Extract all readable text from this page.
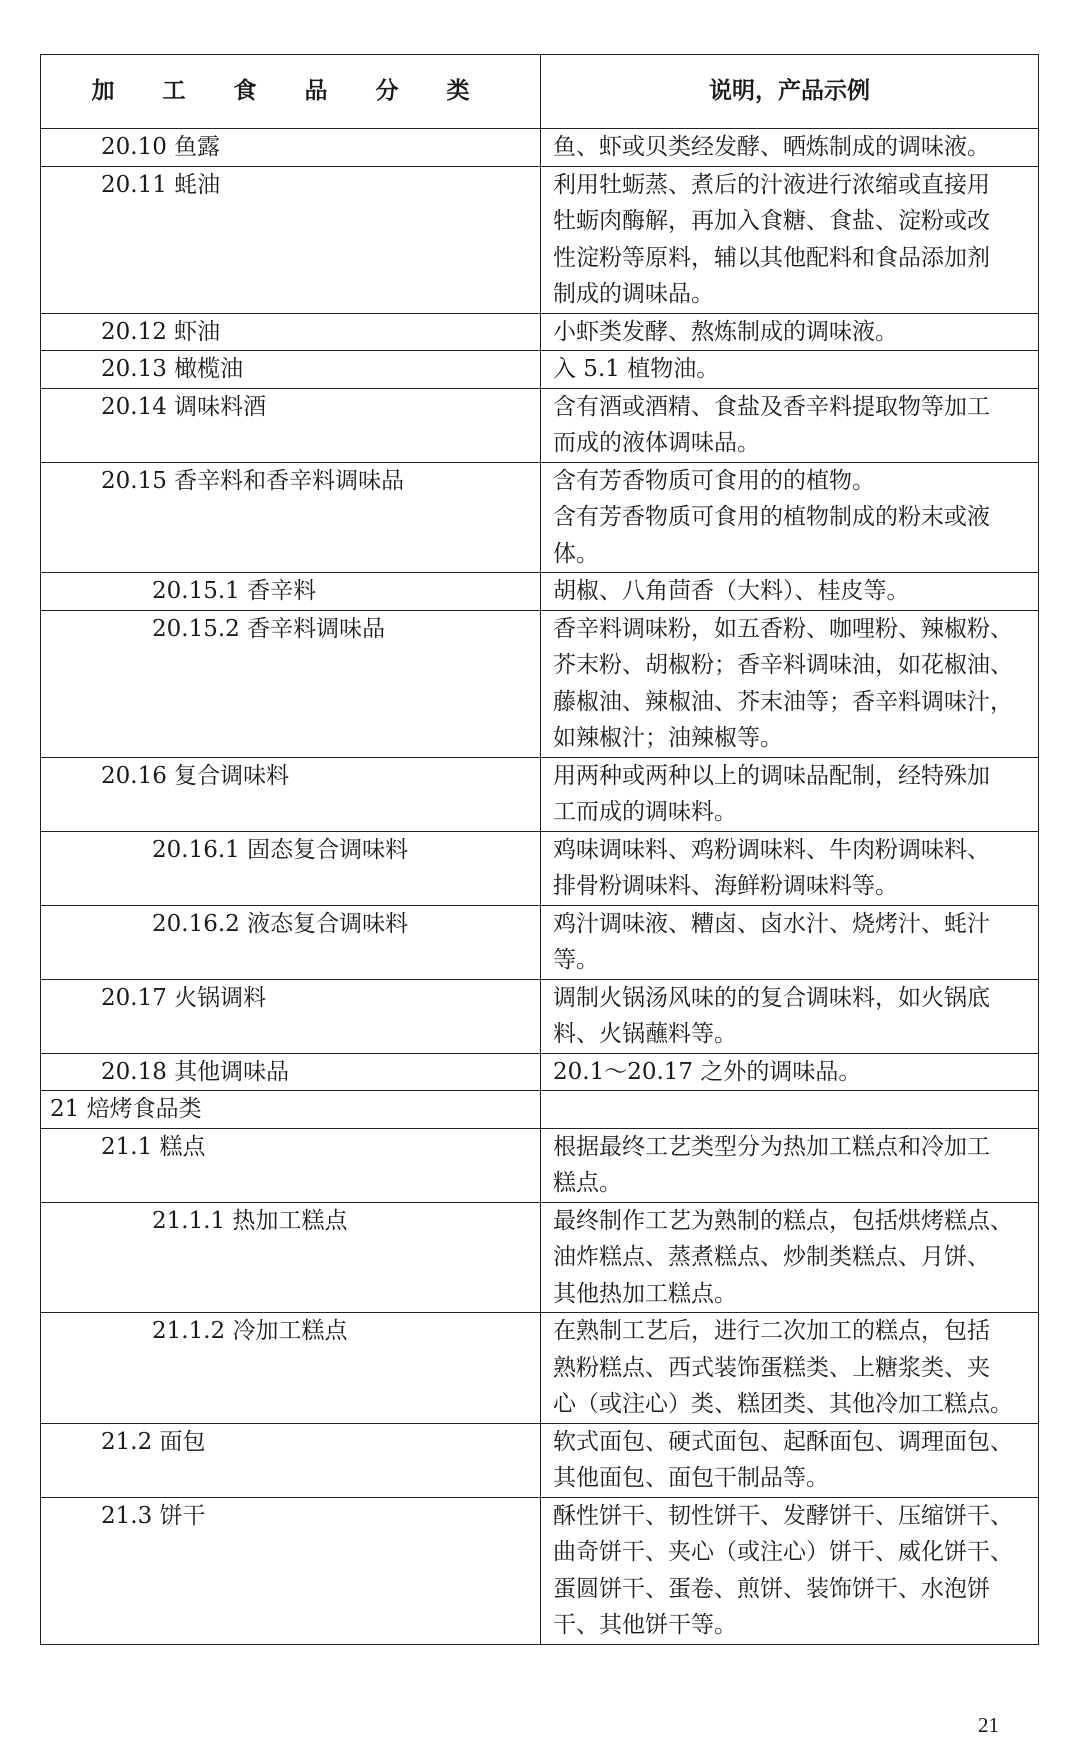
加 工 食 品 分 类	说明，产品示例
20.10 鱼露	鱼、虾或贝类经发酵、晒炼制成的调味液。

20.11 蚝油	利用牡蛎蒸、煮后的汁液进行浓缩或直接用
牡蛎肉酶解，再加入食糖、食盐、淀粉或改
性淀粉等原料，辅以其他配料和食品添加剂
制成的调味品。

20.12 虾油	小虾类发酵、熬炼制成的调味液。

20.13 橄榄油	入 5.1 植物油。

20.14 调味料酒	含有酒或酒精、食盐及香辛料提取物等加工
而成的液体调味品。

20.15 香辛料和香辛料调味品	含有芳香物质可食用的的植物。
含有芳香物质可食用的植物制成的粉末或液
体。

20.15.1 香辛料	胡椒、八角茴香（大料）、桂皮等。

20.15.2 香辛料调味品	香辛料调味粉，如五香粉、咖哩粉、辣椒粉、
芥末粉、胡椒粉；香辛料调味油，如花椒油、
藤椒油、辣椒油、芥末油等；香辛料调味汁，
如辣椒汁；油辣椒等。

20.16 复合调味料	用两种或两种以上的调味品配制，经特殊加
工而成的调味料。

20.16.1 固态复合调味料	鸡味调味料、鸡粉调味料、牛肉粉调味料、
排骨粉调味料、海鲜粉调味料等。

20.16.2 液态复合调味料	鸡汁调味液、糟卤、卤水汁、烧烤汁、蚝汁
等。

20.17 火锅调料	调制火锅汤风味的的复合调味料，如火锅底
料、火锅蘸料等。

20.18 其他调味品	20.1～20.17 之外的调味品。

21 焙烤食品类	
21.1 糕点	根据最终工艺类型分为热加工糕点和冷加工
糕点。

21.1.1 热加工糕点	最终制作工艺为熟制的糕点，包括烘烤糕点、
油炸糕点、蒸煮糕点、炒制类糕点、月饼、
其他热加工糕点。

21.1.2 冷加工糕点	在熟制工艺后，进行二次加工的糕点，包括
熟粉糕点、西式装饰蛋糕类、上糖浆类、夹
心（或注心）类、糕团类、其他冷加工糕点。

21.2 面包	软式面包、硬式面包、起酥面包、调理面包、
其他面包、面包干制品等。

21.3 饼干	酥性饼干、韧性饼干、发酵饼干、压缩饼干、
曲奇饼干、夹心（或注心）饼干、威化饼干、
蛋圆饼干、蛋卷、煎饼、装饰饼干、水泡饼
干、其他饼干等。
21
